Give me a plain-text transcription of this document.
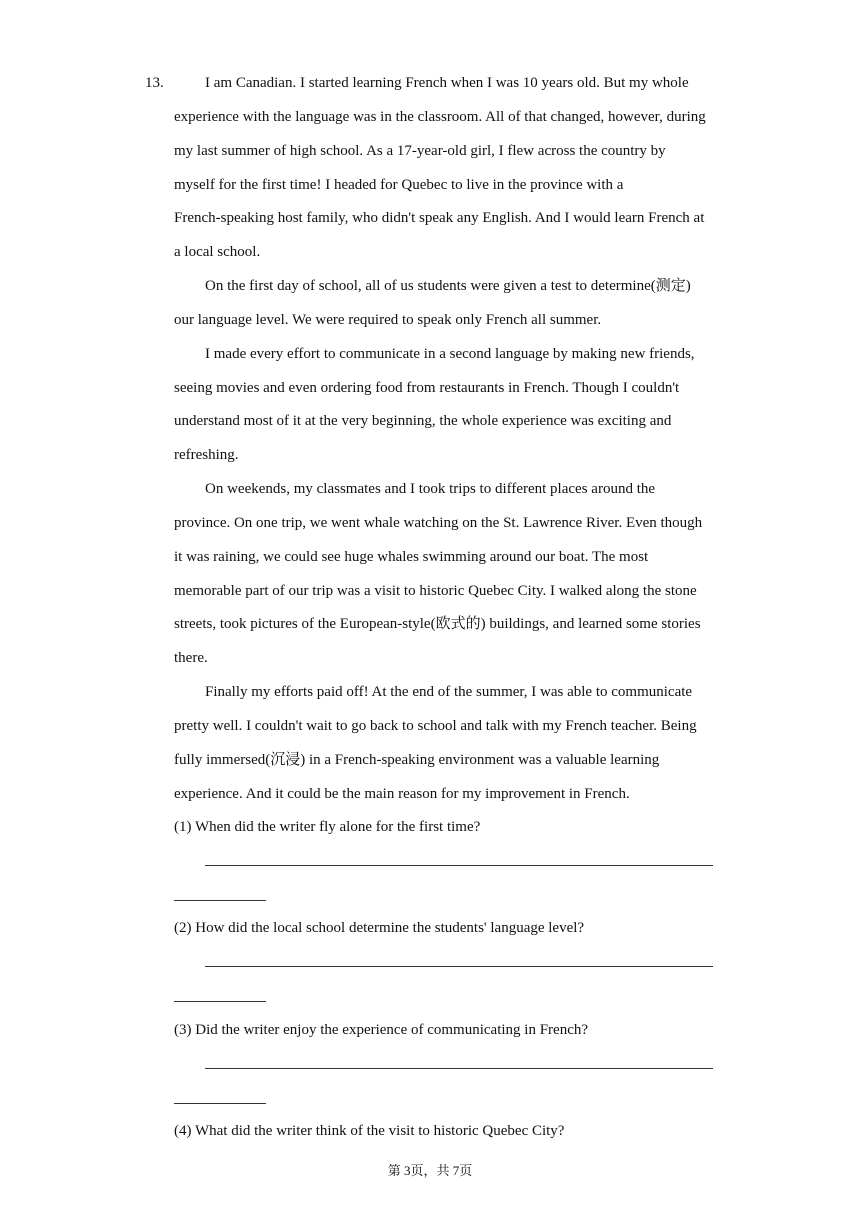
13.	I am Canadian. I started learning French when I was 10 years old. But my whole
experience with the language was in the classroom. All of that changed, however, during
my last summer of high school. As a 17-year-old girl, I flew across the country by
myself for the first time! I headed for Quebec to live in the province with a
French-speaking host family, who didn't speak any English. And I would learn French at
a local school.
On the first day of school, all of us students were given a test to determine(测定)
our language level. We were required to speak only French all summer.
I made every effort to communicate in a second language by making new friends,
seeing movies and even ordering food from restaurants in French. Though I couldn't
understand most of it at the very beginning, the whole experience was exciting and
refreshing.
On weekends, my classmates and I took trips to different places around the
province. On one trip, we went whale watching on the St. Lawrence River. Even though
it was raining, we could see huge whales swimming around our boat. The most
memorable part of our trip was a visit to historic Quebec City. I walked along the stone
streets, took pictures of the European-style(欧式的) buildings, and learned some stories
there.
Finally my efforts paid off! At the end of the summer, I was able to communicate
pretty well. I couldn't wait to go back to school and talk with my French teacher. Being
fully immersed(沉浸) in a French-speaking environment was a valuable learning
experience. And it could be the main reason for my improvement in French.
(1) When did the writer fly alone for the first time?
(2) How did the local school determine the students' language level?
(3) Did the writer enjoy the experience of communicating in French?
(4) What did the writer think of the visit to historic Quebec City?
第 3页，共 7页
